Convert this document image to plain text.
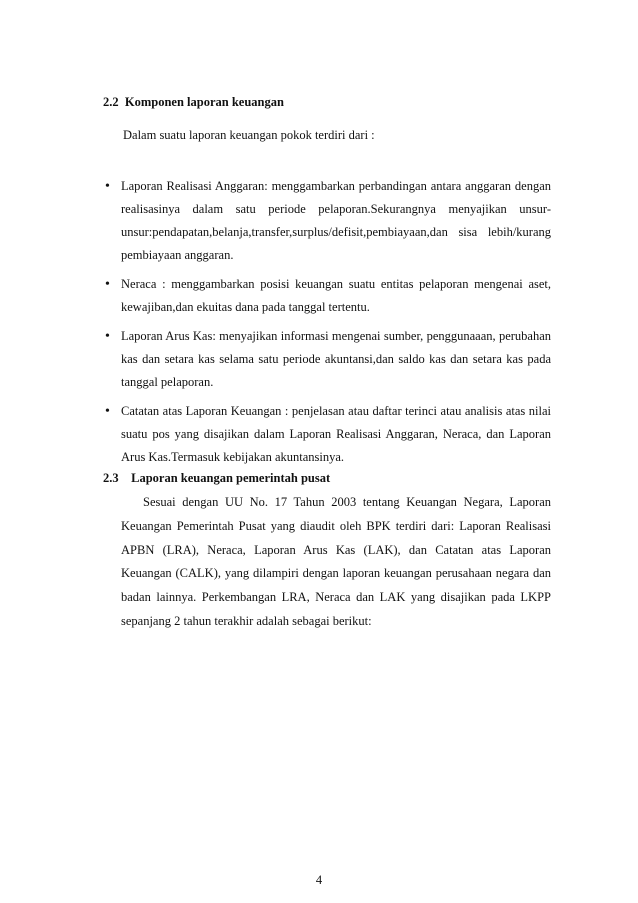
2.2 Komponen laporan keuangan
Dalam suatu laporan keuangan pokok terdiri dari :
• Laporan Realisasi Anggaran: menggambarkan perbandingan antara anggaran dengan realisasinya dalam satu periode pelaporan.Sekurangnya menyajikan unsur-unsur:pendapatan,belanja,transfer,surplus/defisit,pembiayaan,dan sisa lebih/kurang pembiayaan anggaran.
• Neraca : menggambarkan posisi keuangan suatu entitas pelaporan mengenai aset, kewajiban,dan ekuitas dana pada tanggal tertentu.
• Laporan Arus Kas: menyajikan informasi mengenai sumber, penggunaaan, perubahan kas dan setara kas selama satu periode akuntansi,dan saldo kas dan setara kas pada tanggal pelaporan.
• Catatan atas Laporan Keuangan : penjelasan atau daftar terinci atau analisis atas nilai suatu pos yang disajikan dalam Laporan Realisasi Anggaran, Neraca, dan Laporan Arus Kas.Termasuk kebijakan akuntansinya.
2.3 Laporan keuangan pemerintah pusat
Sesuai dengan UU No. 17 Tahun 2003 tentang Keuangan Negara, Laporan Keuangan Pemerintah Pusat yang diaudit oleh BPK terdiri dari: Laporan Realisasi APBN (LRA), Neraca, Laporan Arus Kas (LAK), dan Catatan atas Laporan Keuangan (CALK), yang dilampiri dengan laporan keuangan perusahaan negara dan badan lainnya. Perkembangan LRA, Neraca dan LAK yang disajikan pada LKPP sepanjang 2 tahun terakhir adalah sebagai berikut:
4
